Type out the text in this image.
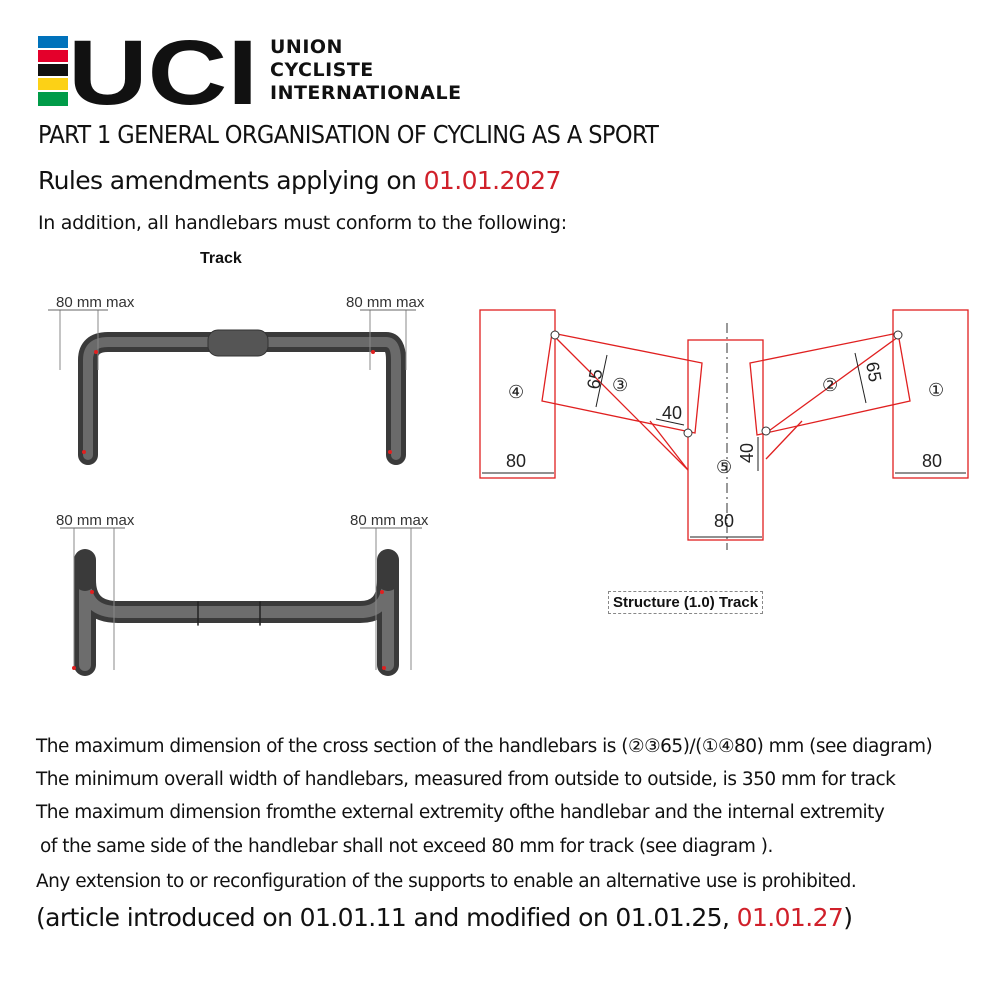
UCI UNION
CYCLISTE
INTERNATIONALE
PART 1 GENERAL ORGANISATION OF CYCLING AS A SPORT
Rules amendments applying on 01.01.2027
In addition, all handlebars must conform to the following:
Track
80 mm max	80 mm max
80 mm max	80 mm max
④	③	②	①
⑤
80	80
80
65	65
40
40
Structure (1.0) Track
The maximum dimension of the cross section of the handlebars is (②③65)/(①④80) mm (see diagram)
The minimum overall width of handlebars, measured from outside to outside, is 350 mm for track
The maximum dimension fromthe external extremity ofthe handlebar and the internal extremity
of the same side of the handlebar shall not exceed 80 mm for track (see diagram ).
Any extension to or reconfiguration of the supports to enable an alternative use is prohibited.
(article introduced on 01.01.11 and modified on 01.01.25, 01.01.27)
